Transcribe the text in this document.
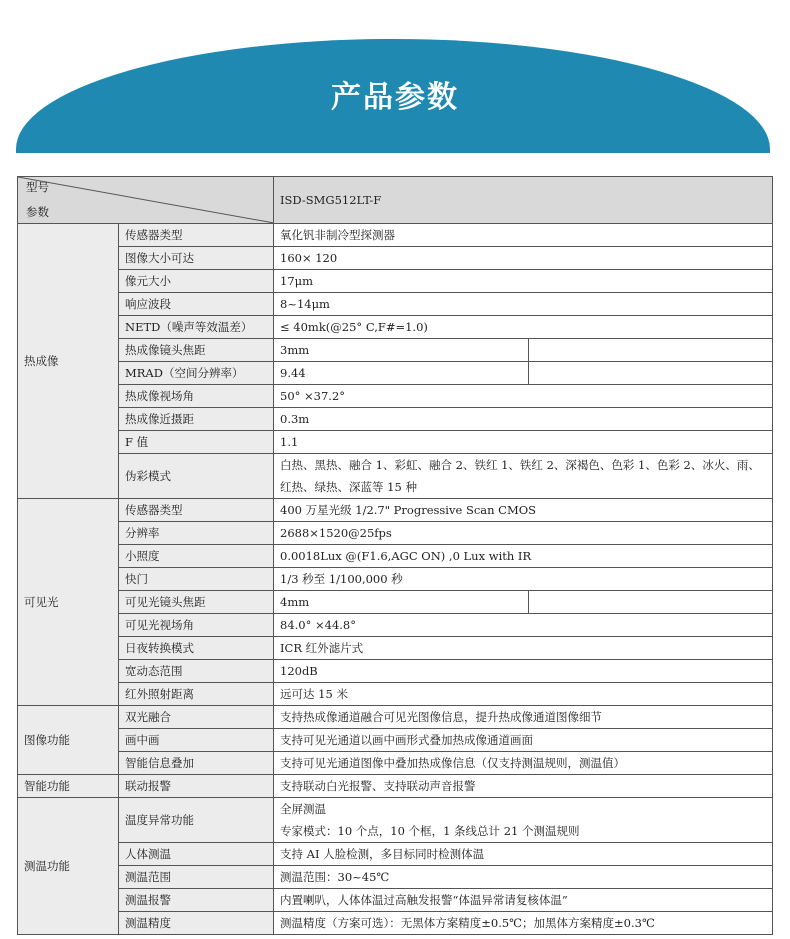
产品参数
型号
参数		ISD-SMG512LT-F	
热成像	传感器类型	氧化钒非制冷型探测器	
	图像大小可达	160× 120	
	像元大小	17μm	
	响应波段	8~14μm	
	NETD（噪声等效温差）	≤ 40mk(@25° C,F#=1.0)	
	热成像镜头焦距	3mm	
	MRAD（空间分辨率）	9.44	
	热成像视场角	50° ×37.2°	
	热成像近摄距	0.3m	
	F 值	1.1	
	伪彩模式	白热、黑热、融合 1、彩虹、融合 2、铁红 1、铁红 2、深褐色、色彩 1、色彩 2、冰火、雨、红热、绿热、深蓝等 15 种	
可见光	传感器类型	400 万星光级 1/2.7" Progressive Scan CMOS	
	分辨率	2688×1520@25fps	
	小照度	0.0018Lux @(F1.6,AGC ON) ,0 Lux with IR	
	快门	1/3 秒至 1/100,000 秒	
	可见光镜头焦距	4mm	
	可见光视场角	84.0° ×44.8°	
	日夜转换模式	ICR 红外滤片式	
	宽动态范围	120dB	
	红外照射距离	远可达 15 米	
图像功能	双光融合	支持热成像通道融合可见光图像信息，提升热成像通道图像细节	
	画中画	支持可见光通道以画中画形式叠加热成像通道画面	
	智能信息叠加	支持可见光通道图像中叠加热成像信息（仅支持测温规则，测温值）	
智能功能	联动报警	支持联动白光报警、支持联动声音报警	
测温功能	温度异常功能	全屏测温
专家模式：10 个点，10 个框，1 条线总计 21 个测温规则	

	人体测温	支持 AI 人脸检测，多目标同时检测体温	
	测温范围	测温范围：30~45℃	
	测温报警	内置喇叭，人体体温过高触发报警“体温异常请复核体温”	
	测温精度	测温精度（方案可选）：无黑体方案精度±0.5℃；加黑体方案精度±0.3℃	
